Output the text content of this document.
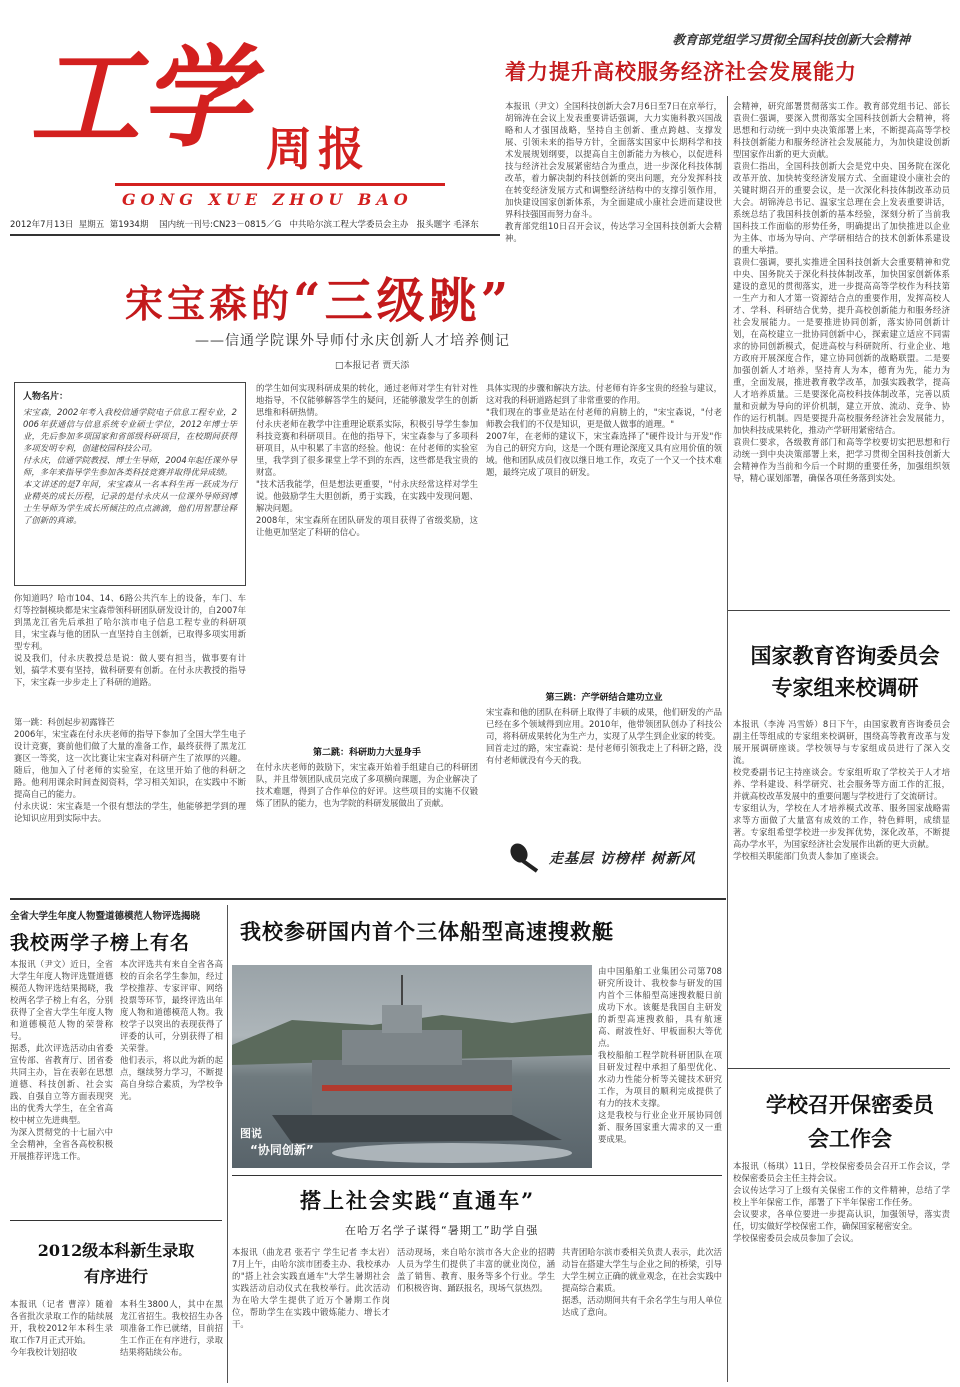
工学 周报
GONG XUE ZHOU BAO
2012年7月13日 星期五 第1934期 国内统一刊号:CN23－0815／G 中共哈尔滨工程大学委员会主办 报头题字 毛泽东
教育部党组学习贯彻全国科技创新大会精神
着力提升高校服务经济社会发展能力
本报讯（尹文）全国科技创新大会7月6日至7日在京举行，胡锦涛在会议上发表重要讲话强调，大力实施科教兴国战略和人才强国战略，坚持自主创新、重点跨越、支撑发展、引领未来的指导方针，全面落实国家中长期科学和技术发展规划纲要，以提高自主创新能力为核心，以促进科技与经济社会发展紧密结合为重点，进一步深化科技体制改革，着力解决制约科技创新的突出问题，充分发挥科技在转变经济发展方式和调整经济结构中的支撑引领作用，加快建设国家创新体系，为全面建成小康社会进而建设世界科技强国而努力奋斗。
教育部党组10日召开会议，传达学习全国科技创新大会精神。
会精神，研究部署贯彻落实工作。教育部党组书记、部长袁贵仁强调，要深入贯彻落实全国科技创新大会精神，将思想和行动统一到中央决策部署上来，不断提高高等学校科技创新能力和服务经济社会发展能力，为加快建设创新型国家作出新的更大贡献。
袁贵仁指出，全国科技创新大会是党中央、国务院在深化改革开放、加快转变经济发展方式、全面建设小康社会的关键时期召开的重要会议，是一次深化科技体制改革动员大会。胡锦涛总书记、温家宝总理在会上发表重要讲话，系统总结了我国科技创新的基本经验，深刻分析了当前我国科技工作面临的形势任务，明确提出了加快推进以企业为主体、市场为导向、产学研相结合的技术创新体系建设的重大举措。
袁贵仁强调，要扎实推进全国科技创新大会重要精神和党中央、国务院关于深化科技体制改革，加快国家创新体系建设的意见的贯彻落实，进一步提高高等学校作为科技第一生产力和人才第一资源结合点的重要作用，发挥高校人才、学科、科研结合优势，提升高校创新能力和服务经济社会发展能力。一是要推进协同创新，落实协同创新计划，在高校建立一批协同创新中心，探索建立适应不同需求的协同创新模式，促进高校与科研院所、行业企业、地方政府开展深度合作，建立协同创新的战略联盟。二是要加强创新人才培养，坚持育人为本，德育为先，能力为重，全面发展，推进教育教学改革，加强实践教学，提高人才培养质量。三是要深化高校科技体制改革，完善以质量和贡献为导向的评价机制，建立开放、流动、竞争、协作的运行机制。四是要提升高校服务经济社会发展能力，加快科技成果转化，推动产学研用紧密结合。
袁贵仁要求，各级教育部门和高等学校要切实把思想和行动统一到中央决策部署上来，把学习贯彻全国科技创新大会精神作为当前和今后一个时期的重要任务，加强组织领导，精心谋划部署，确保各项任务落到实处。
宋宝森的“三级跳”
——信通学院课外导师付永庆创新人才培养侧记
□本报记者 贾天添
人物名片：
宋宝森，2002年考入我校信通学院电子信息工程专业，2006年获通信与信息系统专业硕士学位，2012年博士毕业，先后参加多项国家和省部级科研项目，在校期间获得多项发明专利，创建校园科技公司。
付永庆，信通学院教授、博士生导师，2004年起任课外导师，多年来指导学生参加各类科技竞赛并取得优异成绩。
本文讲述的是7年间，宋宝森从一名本科生再一跃成为行业精英的成长历程，记录的是付永庆从一位课外导师到博士生导师为学生成长所倾注的点点滴滴，他们用智慧诠释了创新的真谛。
你知道吗？哈市104、14、6路公共汽车上的设备，车门、车灯等控制模块都是宋宝森带领科研团队研发设计的，自2007年到黑龙江省先后承担了哈尔滨市电子信息工程专业的科研项目，宋宝森与他的团队一直坚持自主创新，已取得多项实用新型专利。
说及我们，付永庆教授总是说：做人要有担当，做事要有计划，搞学术要有坚持，做科研要有创新。在付永庆教授的指导下，宋宝森一步步走上了科研的道路。
第一跳：科创起步初露锋芒
2006年，宋宝森在付永庆老师的指导下参加了全国大学生电子设计竞赛，赛前他们做了大量的准备工作，最终获得了黑龙江赛区一等奖，这一次比赛让宋宝森对科研产生了浓厚的兴趣。随后，他加入了付老师的实验室，在这里开始了他的科研之路。他利用课余时间查阅资料，学习相关知识，在实践中不断提高自己的能力。
付永庆说：宋宝森是一个很有想法的学生，他能够把学到的理论知识应用到实际中去。
的学生如何实现科研成果的转化，通过老师对学生有针对性地指导，不仅能够解答学生的疑问，还能够激发学生的创新思维和科研热情。
付永庆老师在教学中注重理论联系实际，积极引导学生参加科技竞赛和科研项目。在他的指导下，宋宝森参与了多项科研项目，从中积累了丰富的经验。他说：在付老师的实验室里，我学到了很多课堂上学不到的东西，这些都是我宝贵的财富。
"技术活我能学，但是想法更重要，"付永庆经常这样对学生说。他鼓励学生大胆创新，勇于实践，在实践中发现问题、解决问题。
2008年，宋宝森所在团队研发的项目获得了省级奖励，这让他更加坚定了科研的信心。
第二跳：科研助力大显身手
在付永庆老师的鼓励下，宋宝森开始着手组建自己的科研团队，并且带领团队成员完成了多项横向课题，为企业解决了技术难题，得到了合作单位的好评。这些项目的实施不仅锻炼了团队的能力，也为学院的科研发展做出了贡献。
具体实现的步骤和解决方法。付老师有许多宝贵的经验与建议，这对我的科研道路起到了非常重要的作用。
"我们现在的事业是站在付老师的肩膀上的，"宋宝森说，"付老师教会我们的不仅是知识，更是做人做事的道理。"
2007年，在老师的建议下，宋宝森选择了"硬件设计与开发"作为自己的研究方向，这是一个既有理论深度又具有应用价值的领域。他和团队成员们夜以继日地工作，攻克了一个又一个技术难题，最终完成了项目的研发。
第三跳：产学研结合建功立业
宋宝森和他的团队在科研上取得了丰硕的成果，他们研发的产品已经在多个领域得到应用。2010年，他带领团队创办了科技公司，将科研成果转化为生产力，实现了从学生到企业家的转变。
回首走过的路，宋宝森说：是付老师引领我走上了科研之路，没有付老师就没有今天的我。
走基层 访榜样 树新风
国家教育咨询委员会专家组来校调研
本报讯（李涛 冯雪娇）8日下午，由国家教育咨询委员会副主任等组成的专家组来校调研，围绕高等教育改革与发展开展调研座谈。学校领导与专家组成员进行了深入交流。
校党委副书记主持座谈会。专家组听取了学校关于人才培养、学科建设、科学研究、社会服务等方面工作的汇报，并就高校改革发展中的重要问题与学校进行了交流研讨。
专家组认为，学校在人才培养模式改革、服务国家战略需求等方面做了大量富有成效的工作，特色鲜明，成绩显著。专家组希望学校进一步发挥优势，深化改革，不断提高办学水平，为国家经济社会发展作出新的更大贡献。
学校相关职能部门负责人参加了座谈会。
学校召开保密委员会工作会
本报讯（杨琪）11日，学校保密委员会召开工作会议，学校保密委员会主任主持会议。
会议传达学习了上级有关保密工作的文件精神，总结了学校上半年保密工作，部署了下半年保密工作任务。
会议要求，各单位要进一步提高认识，加强领导，落实责任，切实做好学校保密工作，确保国家秘密安全。
学校保密委员会成员参加了会议。
全省大学生年度人物暨道德模范人物评选揭晓
我校两学子榜上有名
本报讯（尹文）近日，全省大学生年度人物评选暨道德模范人物评选结果揭晓，我校两名学子榜上有名，分别获得了全省大学生年度人物和道德模范人物的荣誉称号。
据悉，此次评选活动由省委宣传部、省教育厅、团省委共同主办，旨在表彰在思想道德、科技创新、社会实践、自强自立等方面表现突出的优秀大学生，在全省高校中树立先进典型。
为深入贯彻党的十七届六中全会精神，全省各高校积极开展推荐评选工作。
本次评选共有来自全省各高校的百余名学生参加，经过学校推荐、专家评审、网络投票等环节，最终评选出年度人物和道德模范人物。我校学子以突出的表现获得了评委的认可，分别获得了相关荣誉。
他们表示，将以此为新的起点，继续努力学习，不断提高自身综合素质，为学校争光。
2012级本科新生录取有序进行
本报讯（记者 曹淳）随着各省批次录取工作的陆续展开，我校2012年本科生录取工作7月正式开始。
今年我校计划招收
本科生3800人，其中在黑龙江省招生。我校招生办各项准备工作已就绪，目前招生工作正在有序进行，录取结果将陆续公布。
我校参研国内首个三体船型高速搜救艇
图说
“协同创新”
由中国船舶工业集团公司第708研究所设计、我校参与研发的国内首个三体船型高速搜救艇日前成功下水。该艇是我国自主研发的新型高速搜救船，具有航速高、耐波性好、甲板面积大等优点。
我校船舶工程学院科研团队在项目研发过程中承担了船型优化、水动力性能分析等关键技术研究工作，为项目的顺利完成提供了有力的技术支撑。
这是我校与行业企业开展协同创新、服务国家重大需求的又一重要成果。
搭上社会实践“直通车”
在哈万名学子谋得“暑期工”助学自强
本报讯（曲龙君 张若宁 学生记者 李太岩）7月上午，由哈尔滨市团委主办、我校承办的"搭上社会实践直通车"大学生暑期社会实践活动启动仪式在我校举行。此次活动为在哈大学生提供了近万个暑期工作岗位，帮助学生在实践中锻炼能力、增长才干。
活动现场，来自哈尔滨市各大企业的招聘人员为学生们提供了丰富的就业岗位，涵盖了销售、教育、服务等多个行业。学生们积极咨询、踊跃报名，现场气氛热烈。
共青团哈尔滨市委相关负责人表示，此次活动旨在搭建大学生与企业之间的桥梁，引导大学生树立正确的就业观念，在社会实践中提高综合素质。
据悉，活动期间共有千余名学生与用人单位达成了意向。
